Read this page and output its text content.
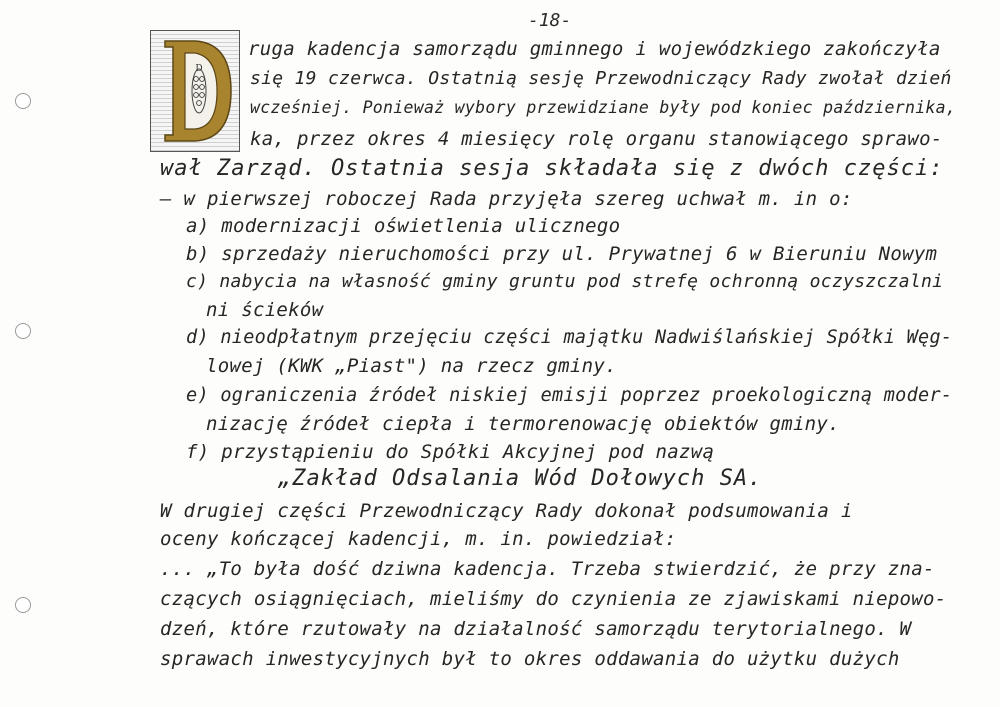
-18-
D
ruga kadencja samorządu gminnego i wojewódzkiego zakończyła
się 19 czerwca. Ostatnią sesję Przewodniczący Rady zwołał dzień
wcześniej. Ponieważ wybory przewidziane były pod koniec października,
ka, przez okres 4 miesięcy rolę organu stanowiącego sprawo-
wał Zarząd. Ostatnia sesja składała się z dwóch części:
– w pierwszej roboczej Rada przyjęła szereg uchwał m. in o:
a) modernizacji oświetlenia ulicznego
b) sprzedaży nieruchomości przy ul. Prywatnej 6 w Bieruniu Nowym
c) nabycia na własność gminy gruntu pod strefę ochronną oczyszczalni
ni ścieków
d) nieodpłatnym przejęciu części majątku Nadwiślańskiej Spółki Węg-
lowej (KWK „Piast") na rzecz gminy.
e) ograniczenia źródeł niskiej emisji poprzez proekologiczną moder-
nizację źródeł ciepła i termorenowację obiektów gminy.
f) przystąpieniu do Spółki Akcyjnej pod nazwą
„Zakład Odsalania Wód Dołowych SA.
W drugiej części Przewodniczący Rady dokonał podsumowania i
oceny kończącej kadencji, m. in. powiedział:
... „To była dość dziwna kadencja. Trzeba stwierdzić, że przy zna-
czących osiągnięciach, mieliśmy do czynienia ze zjawiskami niepowo-
dzeń, które rzutowały na działalność samorządu terytorialnego. W
sprawach inwestycyjnych był to okres oddawania do użytku dużych
